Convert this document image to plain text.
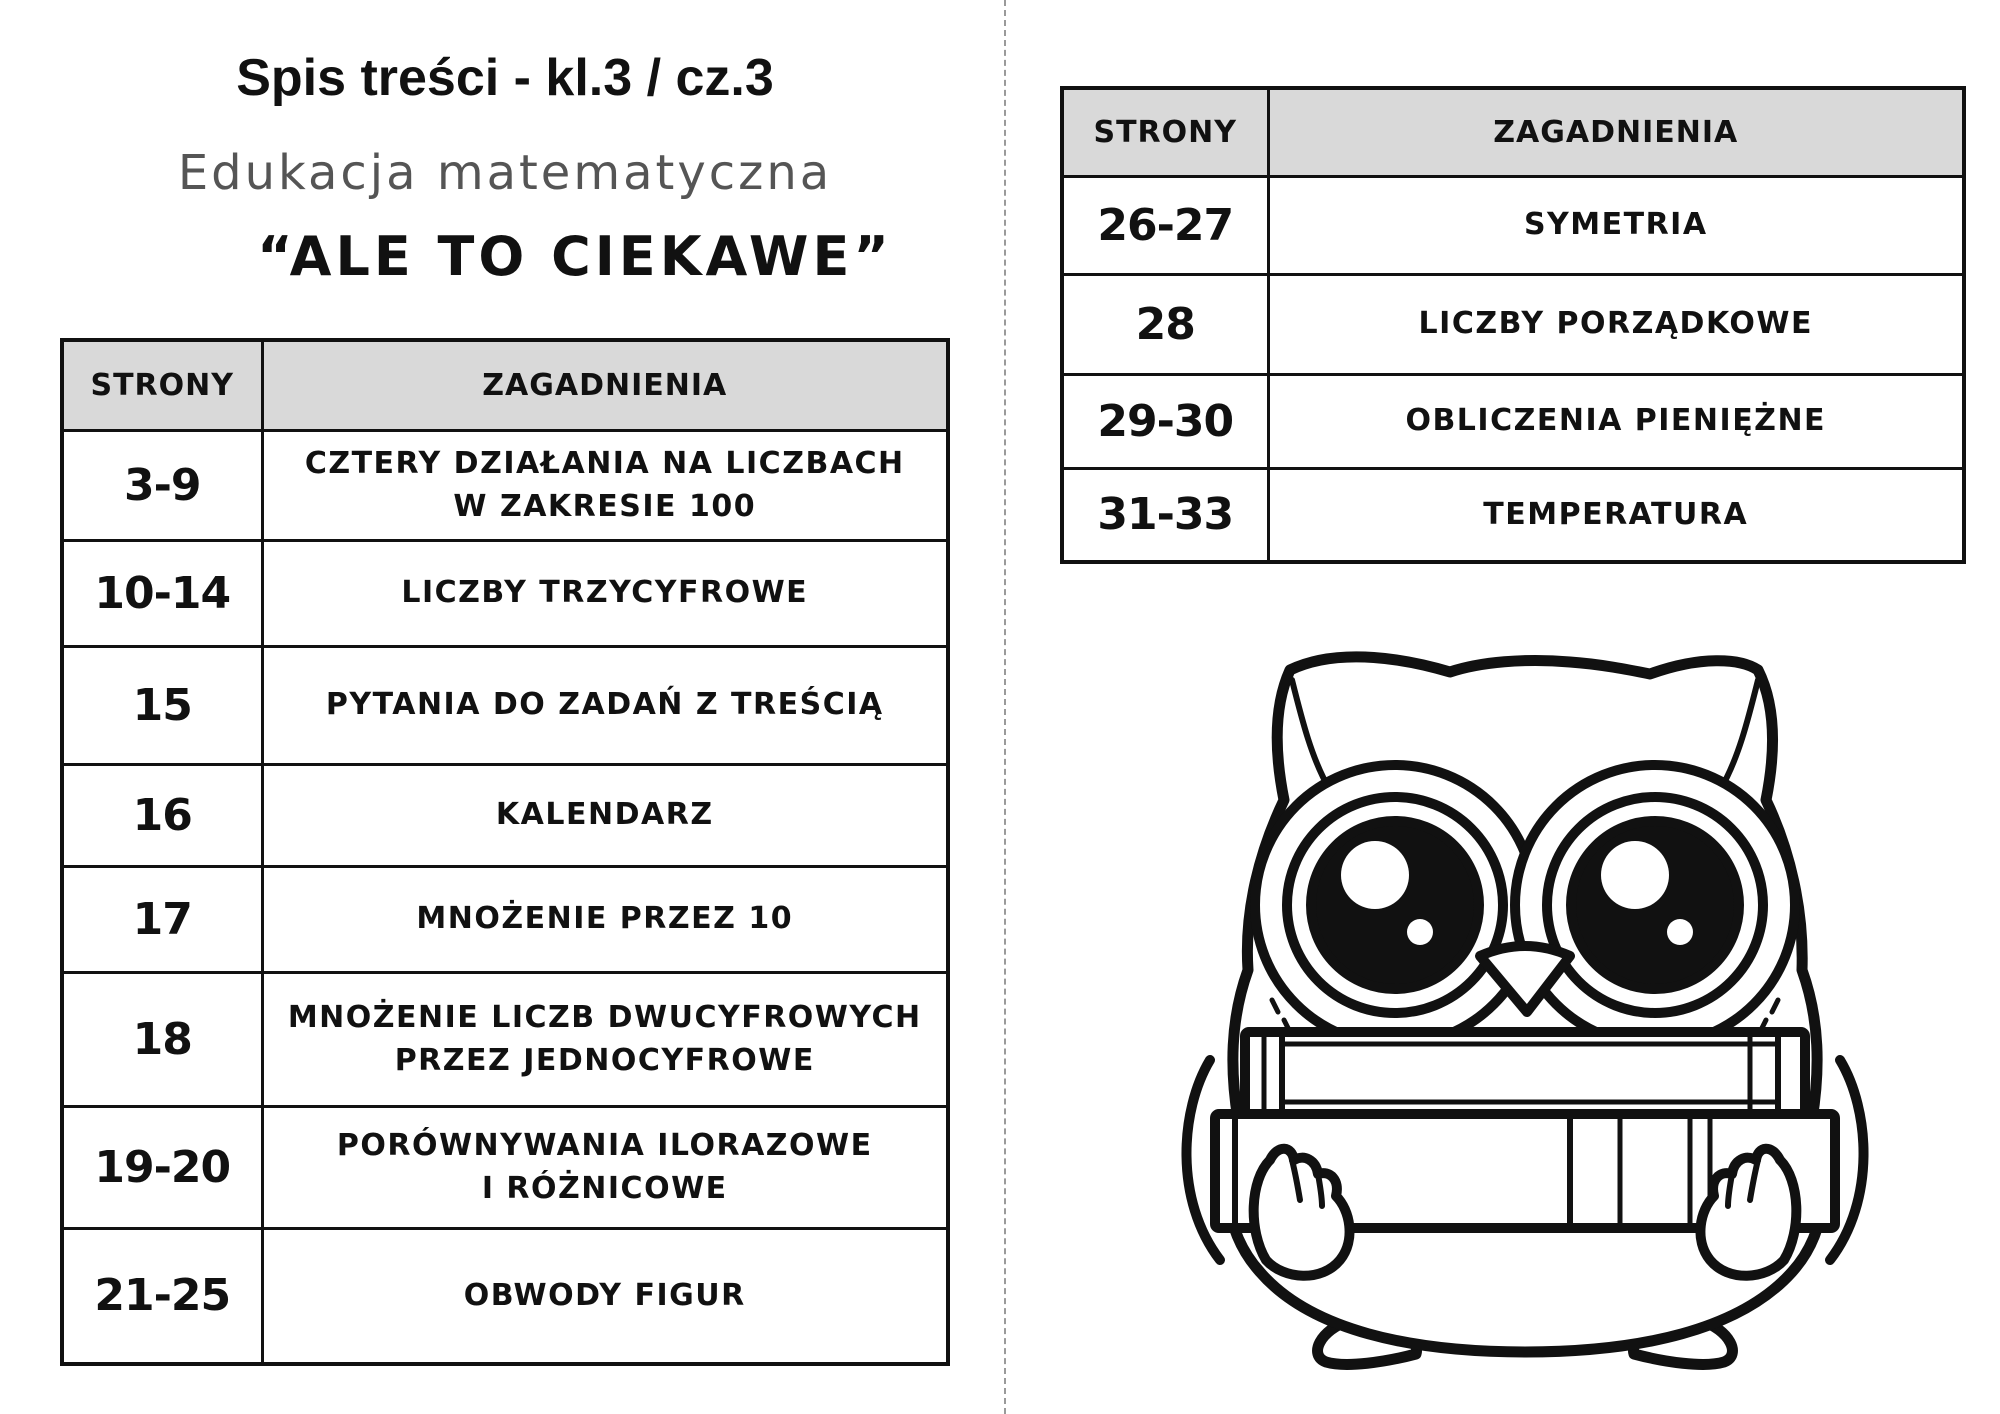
Spis treści - kl.3 / cz.3
Edukacja matematyczna
“ALE TO CIEKAWE”
STRONY	ZAGADNIENIA
3-9	CZTERY DZIAŁANIA NA LICZBACH
W ZAKRESIE 100

10-14	LICZBY TRZYCYFROWE

15	PYTANIA DO ZADAŃ Z TREŚCIĄ

16	KALENDARZ

17	MNOŻENIE PRZEZ 10

18	MNOŻENIE LICZB DWUCYFROWYCH
PRZEZ JEDNOCYFROWE

19-20	PORÓWNYWANIA ILORAZOWE
I RÓŻNICOWE

21-25	OBWODY FIGUR
STRONY	ZAGADNIENIA
26-27	SYMETRIA

28	LICZBY PORZĄDKOWE

29-30	OBLICZENIA PIENIĘŻNE

31-33	TEMPERATURA
